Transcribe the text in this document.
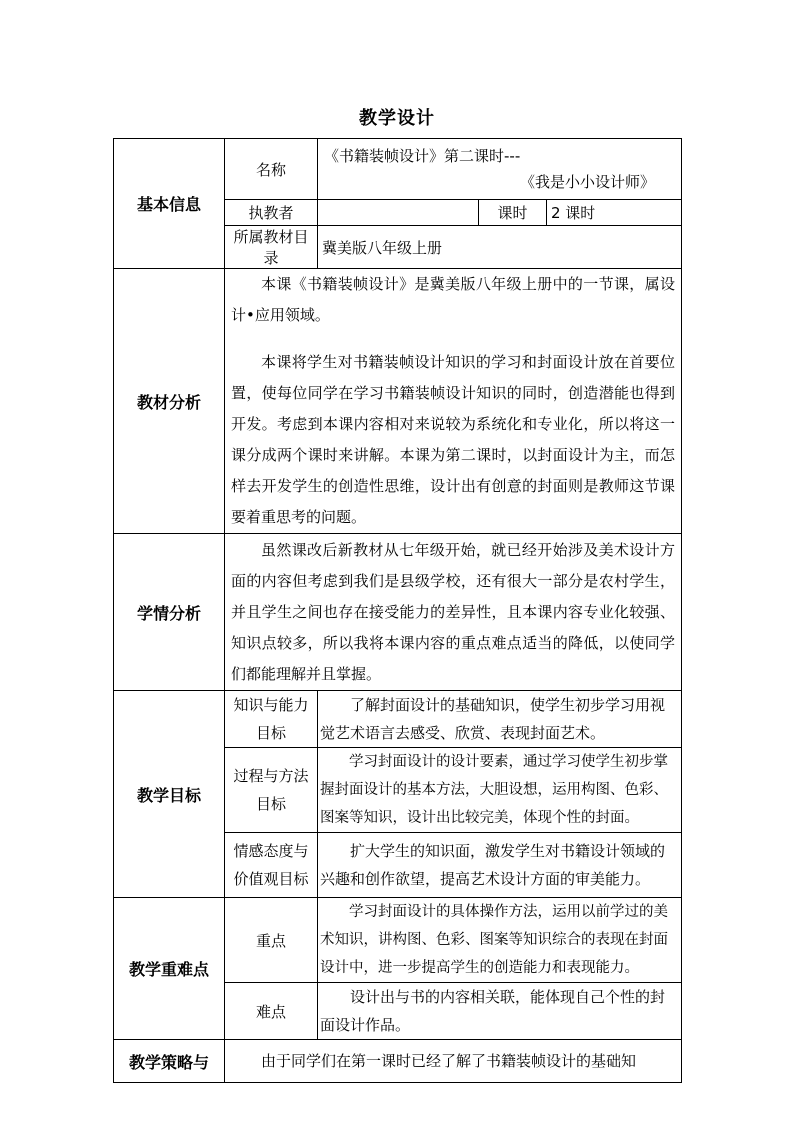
教学设计
基本信息	名称	《书籍装帧设计》第二课时---
《我是小小设计师》		

	执教者		课时	2 课时
	所属教材目录	冀美版八年级上册		
教材分析	本课《书籍装帧设计》是冀美版八年级上册中的一节课，属设计•应用领域。
本课将学生对书籍装帧设计知识的学习和封面设计放在首要位置，使每位同学在学习书籍装帧设计知识的同时，创造潜能也得到开发。考虑到本课内容相对来说较为系统化和专业化，所以将这一课分成两个课时来讲解。本课为第二课时，以封面设计为主，而怎样去开发学生的创造性思维，设计出有创意的封面则是教师这节课要着重思考的问题。			

学情分析	虽然课改后新教材从七年级开始，就已经开始涉及美术设计方面的内容但考虑到我们是县级学校，还有很大一部分是农村学生，并且学生之间也存在接受能力的差异性，且本课内容专业化较强、知识点较多，所以我将本课内容的重点难点适当的降低，以使同学们都能理解并且掌握。			
教学目标	知识与能力目标	了解封面设计的基础知识，使学生初步学习用视觉艺术语言去感受、欣赏、表现封面艺术。		
	过程与方法目标	学习封面设计的设计要素，通过学习使学生初步掌握封面设计的基本方法，大胆设想，运用构图、色彩、图案等知识，设计出比较完美，体现个性的封面。		
	情感态度与价值观目标	扩大学生的知识面，激发学生对书籍设计领域的兴趣和创作欲望，提高艺术设计方面的审美能力。		
教学重难点	重点	学习封面设计的具体操作方法，运用以前学过的美术知识，讲构图、色彩、图案等知识综合的表现在封面设计中，进一步提高学生的创造能力和表现能力。		
	难点	设计出与书的内容相关联，能体现自己个性的封面设计作品。		
教学策略与	由于同学们在第一课时已经了解了书籍装帧设计的基础知			
